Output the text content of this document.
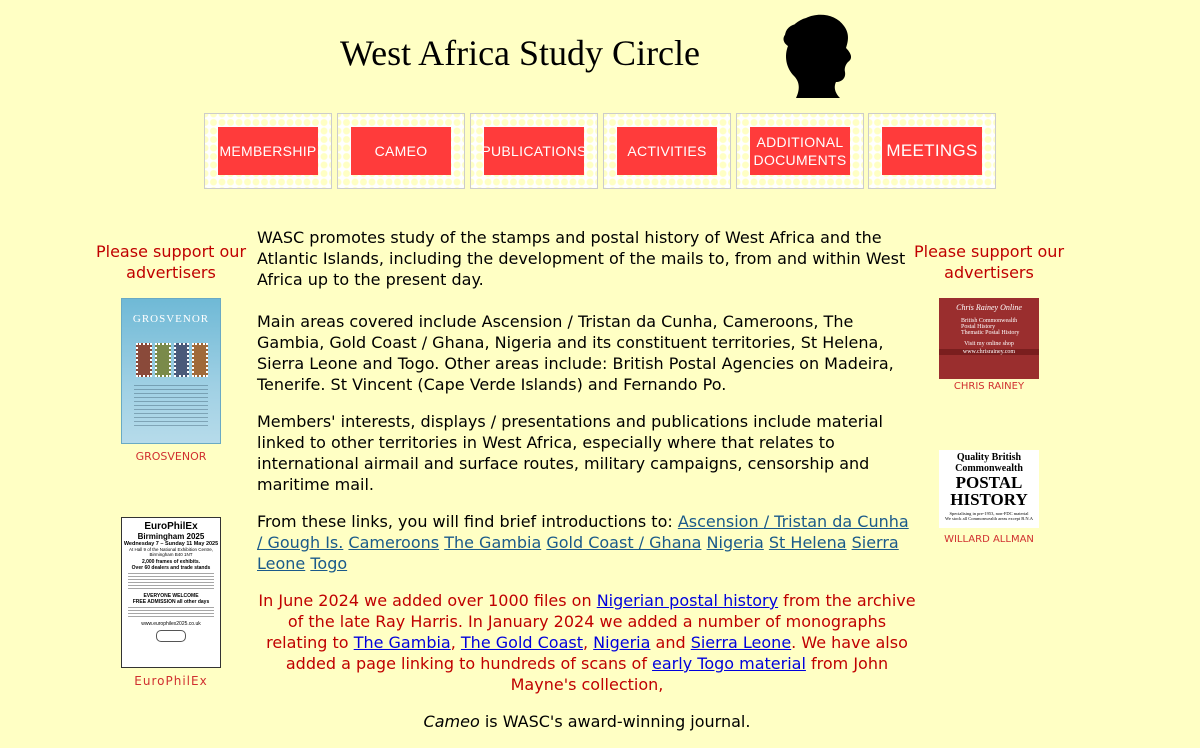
West Africa Study Circle
MEMBERSHIP	CAMEO	PUBLICATIONS	ACTIVITIES
ADDITIONAL DOCUMENTS MEETINGS
Please support our advertisers
GROSVENOR
GROSVENOR
EuroPhilEx
Birmingham 2025
Wednesday 7 – Sunday 11 May 2025
At Hall 9 of the National Exhibition Centre,
Birmingham B40 1NT
2,000 frames of exhibits.
Over 60 dealers and trade stands
EVERYONE WELCOME
FREE ADMISSION all other days
www.europhilex2025.co.uk
EuroPhilEx
Please support our advertisers
Chris Rainey Online
British Commonwealth
Postal History
Thematic Postal History
Visit my online shop
www.chrisrainey.com
CHRIS RAINEY
Quality British
Commonwealth
POSTAL
HISTORY
Specialising in pre-1953, non-FDC material
We stock all Commonwealth areas except B.N.A
WILLARD ALLMAN

WASC promotes study of the stamps and postal history of West Africa and the Atlantic Islands, including the development of the mails to, from and within West Africa up to the present day.

Main areas covered include Ascension / Tristan da Cunha, Cameroons, The Gambia, Gold Coast / Ghana, Nigeria and its constituent territories, St Helena, Sierra Leone and Togo. Other areas include: British Postal Agencies on Madeira, Tenerife. St Vincent (Cape Verde Islands) and Fernando Po.

Members' interests, displays / presentations and publications include material linked to other territories in West Africa, especially where that relates to international airmail and surface routes, military campaigns, censorship and maritime mail.

From these links, you will find brief introductions to: Ascension / Tristan da Cunha / Gough Is. Cameroons The Gambia Gold Coast / Ghana Nigeria St Helena Sierra Leone Togo

In June 2024 we added over 1000 files on Nigerian postal history from the archive of the late Ray Harris. In January 2024 we added a number of monographs relating to The Gambia, The Gold Coast, Nigeria and Sierra Leone. We have also added a page linking to hundreds of scans of early Togo material from John Mayne's collection,

Cameo is WASC's award-winning journal.
